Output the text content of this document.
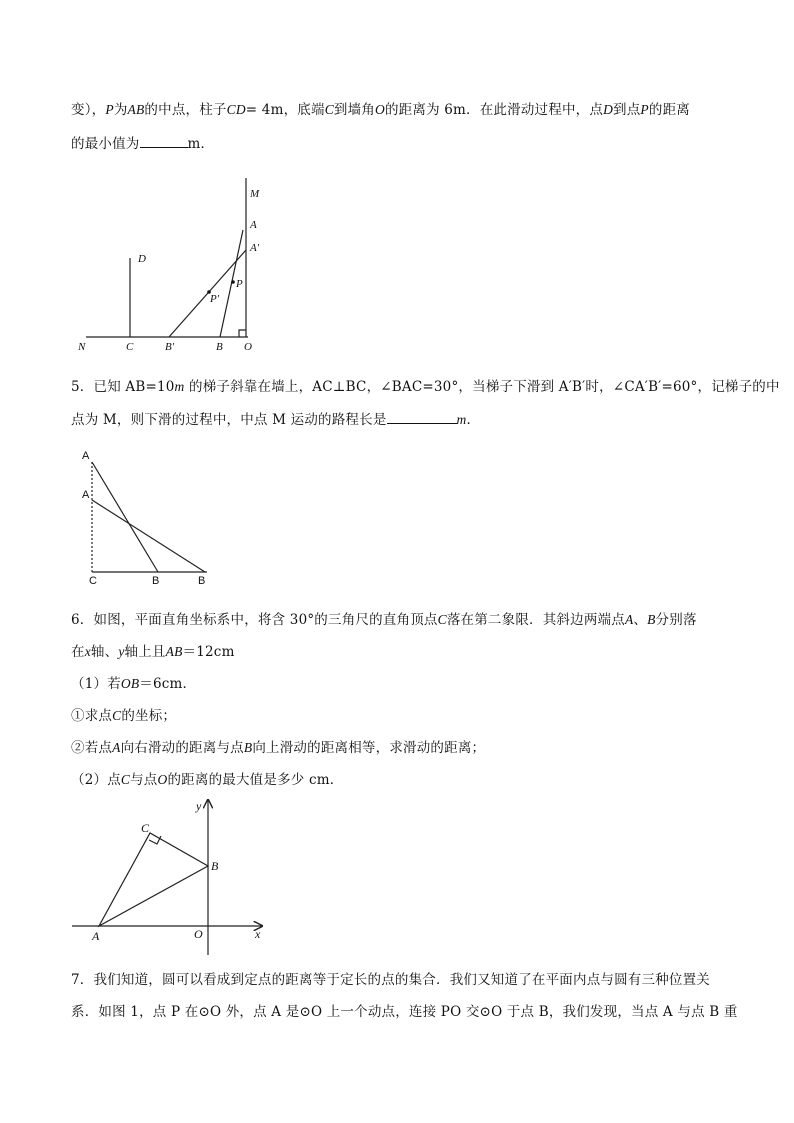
变），P为AB的中点，柱子CD= 4m，底端C到墙角O的距离为 6m．在此滑动过程中，点D到点P的距离
的最小值为	m．
M
A
A'
D
P
P'
N	C	B'	B O
5．已知 AB=10m 的梯子斜靠在墙上，AC⊥BC，∠BAC=30°，当梯子下滑到 A′B′时，∠CA′B′=60°，记梯子的中
点为 M，则下滑的过程中，中点 M 运动的路程长是	m．
A
A
C	B	B
6．如图，平面直角坐标系中，将含 30°的三角尺的直角顶点C落在第二象限．其斜边两端点A、B分别落
在x轴、y轴上且AB＝12cm
（1）若OB＝6cm．
①求点C的坐标；
②若点A向右滑动的距离与点B向上滑动的距离相等，求滑动的距离；
（2）点C与点O的距离的最大值是多少 cm．
y
C
B
A	O	x
7．我们知道，圆可以看成到定点的距离等于定长的点的集合．我们又知道了在平面内点与圆有三种位置关
系．如图 1，点 P 在⊙O 外，点 A 是⊙O 上一个动点，连接 PO 交⊙O 于点 B，我们发现，当点 A 与点 B 重
